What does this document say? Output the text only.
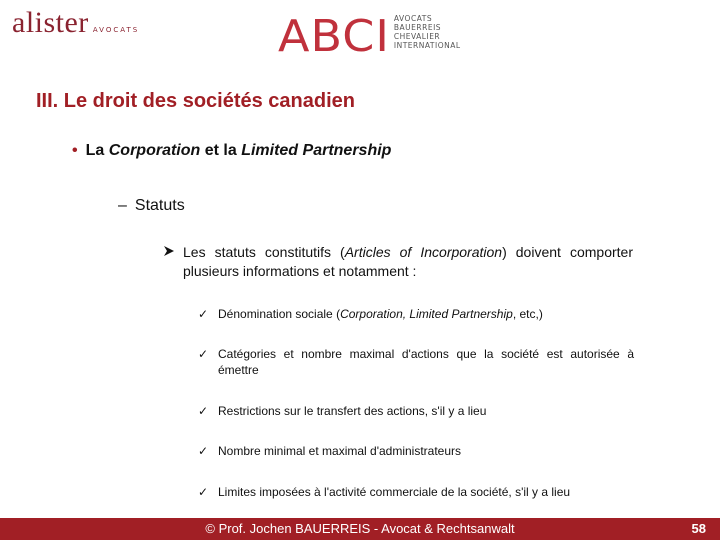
alister AVOCATS	ABCI AVOCATS
BAUERREIS
CHEVALIER
INTERNATIONAL
III. Le droit des sociétés canadien
• La Corporation et la Limited Partnership
– Statuts
Les statuts constitutifs (Articles of Incorporation) doivent comporter plusieurs informations et notamment :
✓ Dénomination sociale (Corporation, Limited Partnership, etc,)
✓ Catégories et nombre maximal d'actions que la société est autorisée à émettre
✓ Restrictions sur le transfert des actions, s'il y a lieu
✓ Nombre minimal et maximal d'administrateurs
✓ Limites imposées à l'activité commerciale de la société, s'il y a lieu
© Prof. Jochen BAUERREIS - Avocat & Rechtsanwalt	58
